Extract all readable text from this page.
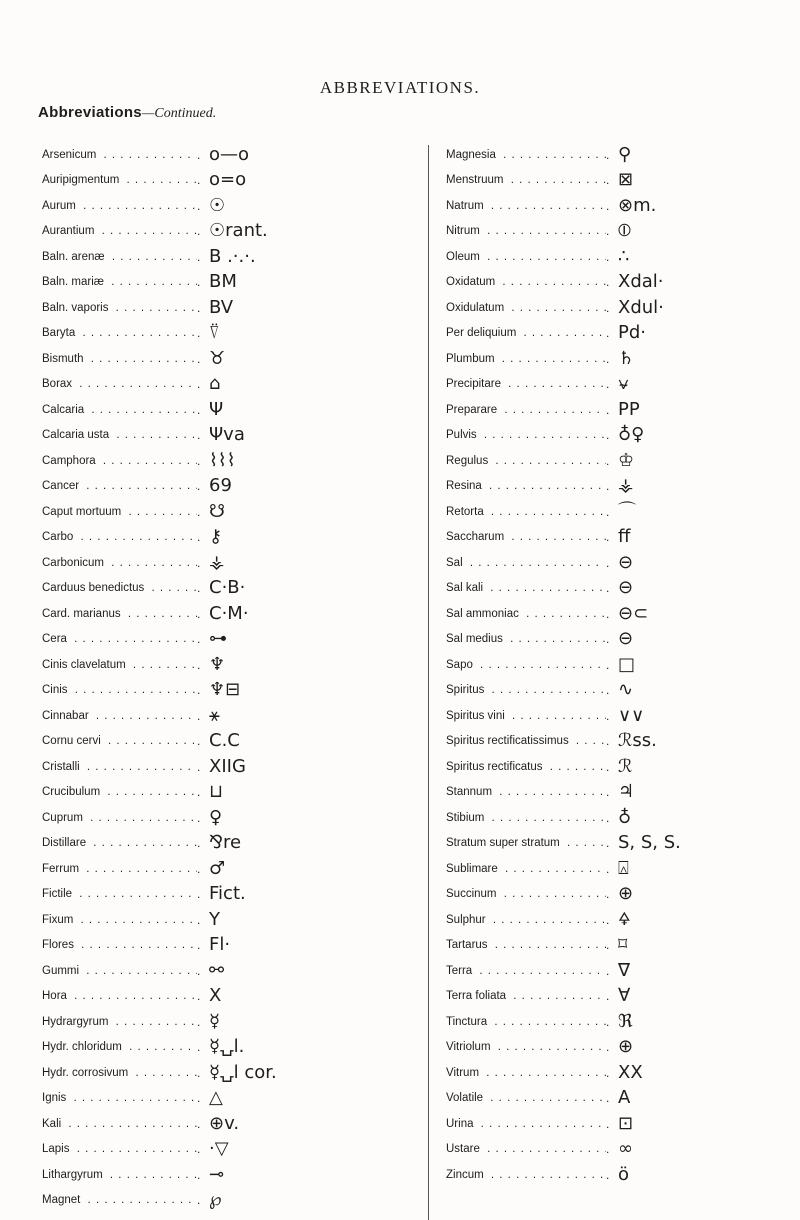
ABBREVIATIONS.
Abbreviations—Continued.
Arsenicum . .	. o—o
Auripigmentum . .	. o=o
Aurum . .	. ☉
Aurantium . .	. ☉rant.
Baln. arenæ . .	. B .·.·.
Baln. mariæ . .	. BM
Baln. vaporis . .	. BV
Baryta . .	. ⍢
Bismuth . .	. ♉
Borax . .	. ⌂
Calcaria . .	. Ψ
Calcaria usta . .	. Ψva
Camphora . .	. ⌇⌇⌇
Cancer . .	. 69
Caput mortuum . .	. ☋
Carbo . .	. ⚷
Carbonicum . .	. ⚶
Carduus benedictus . .	. C·B·
Card. marianus . .	. C·M·
Cera . .	. ⊶
Cinis clavelatum . .	. ♆
Cinis . .	. ♆⊟
Cinnabar . .	. ⚹
Cornu cervi . .	. C.C
Cristalli . .	. XIIG
Crucibulum . .	. ⊔
Cuprum . .	. ♀
Distillare . .	. ⅋re
Ferrum . .	. ♂
Fictile . .	. Fict.
Fixum . .	. Y
Flores . .	. Fl·
Gummi . .	. ⚯
Hora . .	. X
Hydrargyrum . .	. ☿
Hydr. chloridum . .	. ☿⍽l.
Hydr. corrosivum . .	. ☿⍽l cor.
Ignis . .	. △
Kali . .	. ⊕v.
Lapis . .	. ·▽
Lithargyrum . .	. ⊸
Magnet . .	. ℘
Magnesia . .	. ⚲
Menstruum . .	. ⊠
Natrum . .	. ⊗m.
Nitrum . .	. ⦶
Oleum . .	. ∴
Oxidatum . .	. Xdal·
Oxidulatum . .	. Xdul·
Per deliquium . .	. Pd·
Plumbum . .	. ♄
Precipitare . .	. ⍱
Preparare . .	. PP
Pulvis . .	. ♁♀
Regulus . .	. ♔
Resina . .	. ⚶
Retorta . .	. ⌒
Saccharum . .	. ff
Sal . .	. ⊖
Sal kali . .	. ⊖
Sal ammoniac . .	. ⊖⊂
Sal medius . .	. ⊖
Sapo . .	. □
Spiritus . .	. ∿
Spiritus vini . .	. ∨∨
Spiritus rectificatissimus . .	. ℛss.
Spiritus rectificatus . .	. ℛ
Stannum . .	. ♃
Stibium . .	. ♁
Stratum super stratum . .	. S, S, S.
Sublimare . .	. ⍓
Succinum . .	. ⊕
Sulphur . .	. 🜍
Tartarus . .	. ⌑
Terra . .	. ∇
Terra foliata . .	. ∀
Tinctura . .	. ℜ
Vitriolum . .	. ⊕
Vitrum . .	. XX
Volatile . .	. A
Urina . .	. ⊡
Ustare . .	. ∞
Zincum . .	. ö
